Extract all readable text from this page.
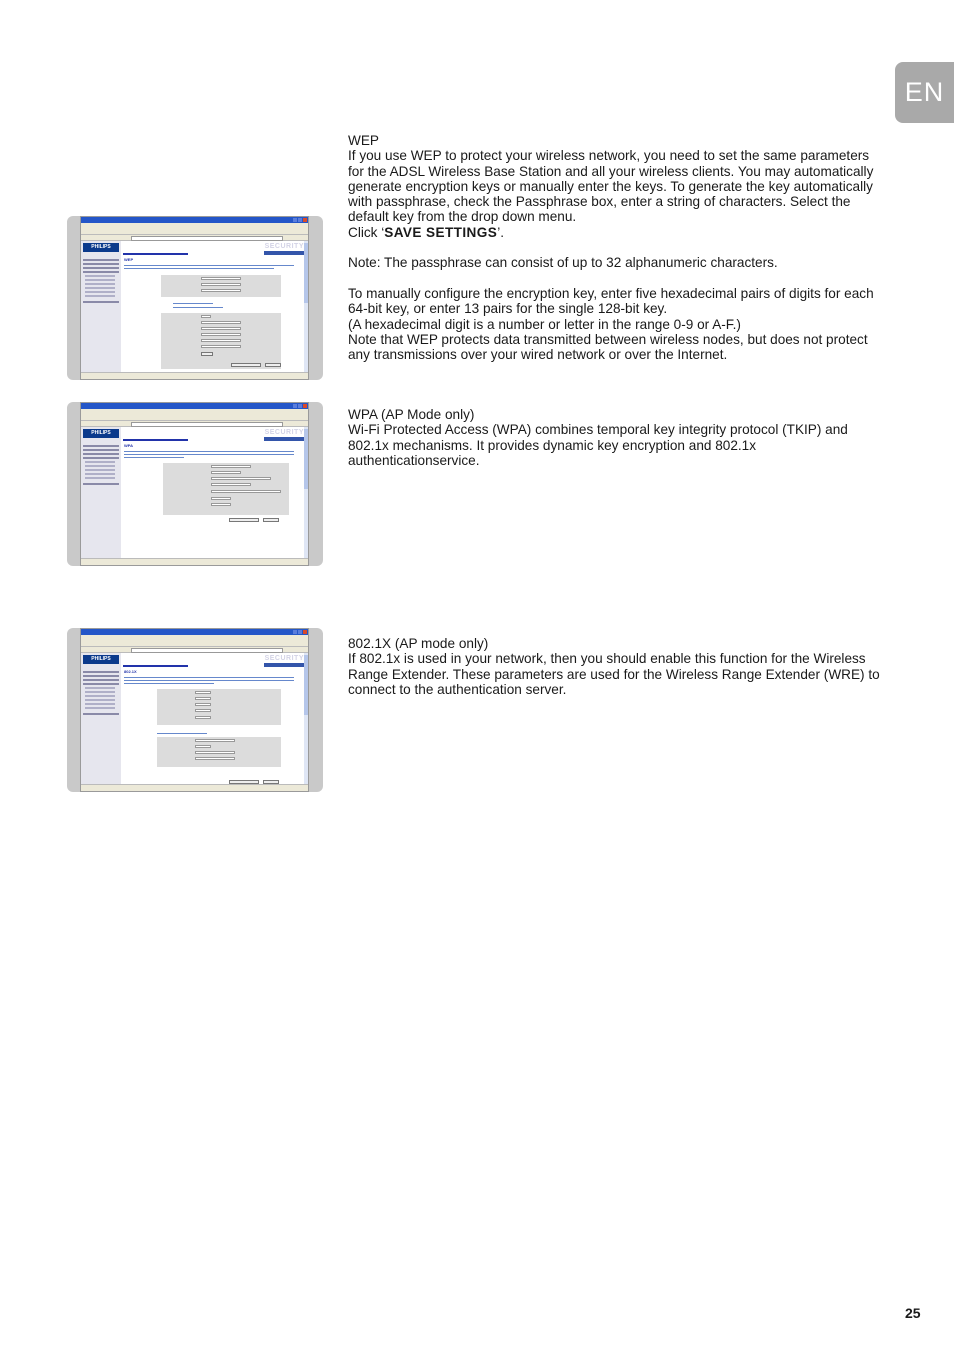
EN
PHILIPS	SECURITY
WEP
PHILIPS	SECURITY
WPA
PHILIPS	SECURITY
802.1X

WEP

If you use WEP to protect your wireless network, you need to set the same parameters for the ADSL Wireless Base Station and all your wireless clients. You may automatically generate encryption keys or manually enter the keys. To generate the key automatically with passphrase, check the Passphrase box, enter a string of characters. Select the default key from the drop down menu.

Click ‘SAVE SETTINGS’.

Note: The passphrase can consist of up to 32 alphanumeric characters.

To manually configure the encryption key, enter five hexadecimal pairs of digits for each 64-bit key, or enter 13 pairs for the single 128-bit key.

(A hexadecimal digit is a number or letter in the range 0-9 or A-F.)

Note that WEP protects data transmitted between wireless nodes, but does not protect any transmissions over your wired network or over the Internet.

WPA (AP Mode only)

Wi-Fi Protected Access (WPA) combines temporal key integrity protocol (TKIP) and 802.1x mechanisms. It provides dynamic key encryption and 802.1x authenticationservice.

802.1X (AP mode only)

If 802.1x is used in your network, then you should enable this function for the Wireless Range Extender. These parameters are used for the Wireless Range Extender (WRE) to connect to the authentication server.

25
